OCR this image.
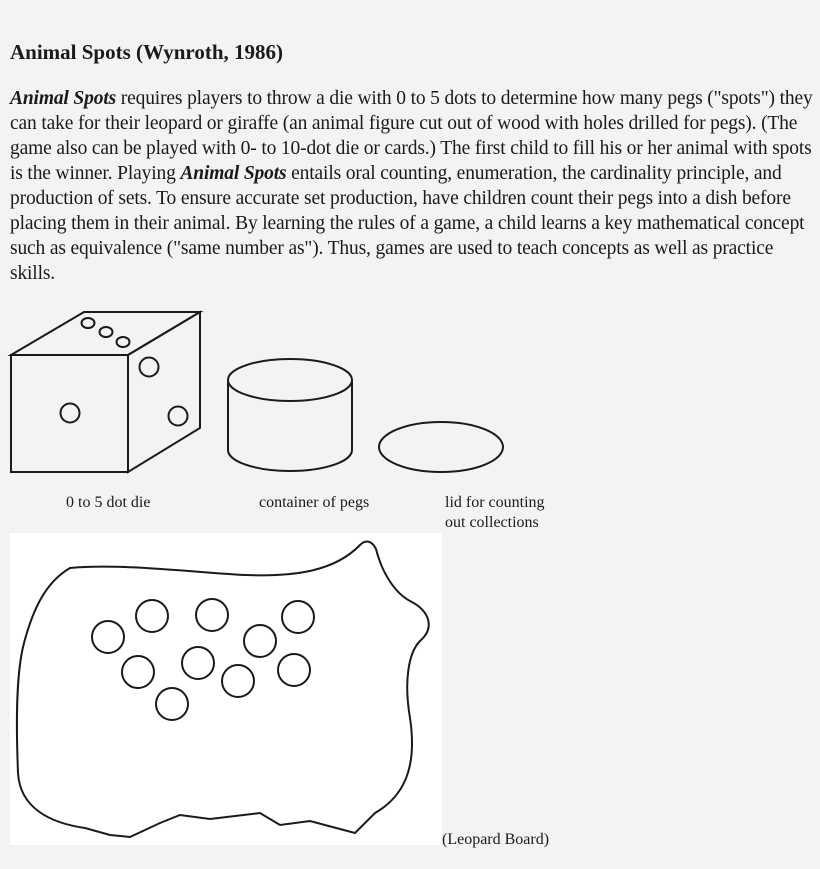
Animal Spots (Wynroth, 1986)

Animal Spots requires players to throw a die with 0 to 5 dots to determine how many pegs ("spots") they can take for their leopard or giraffe (an animal figure cut out of wood with holes drilled for pegs). (The game also can be played with 0- to 10-dot die or cards.) The first child to fill his or her animal with spots is the winner. Playing Animal Spots entails oral counting, enumeration, the cardinality principle, and production of sets. To ensure accurate set production, have children count their pegs into a dish before placing them in their animal. By learning the rules of a game, a child learns a key mathematical concept such as equivalence ("same number as"). Thus, games are used to teach concepts as well as practice skills.

0 to 5 dot die	container of pegs	lid for counting

out collections

(Leopard Board)
